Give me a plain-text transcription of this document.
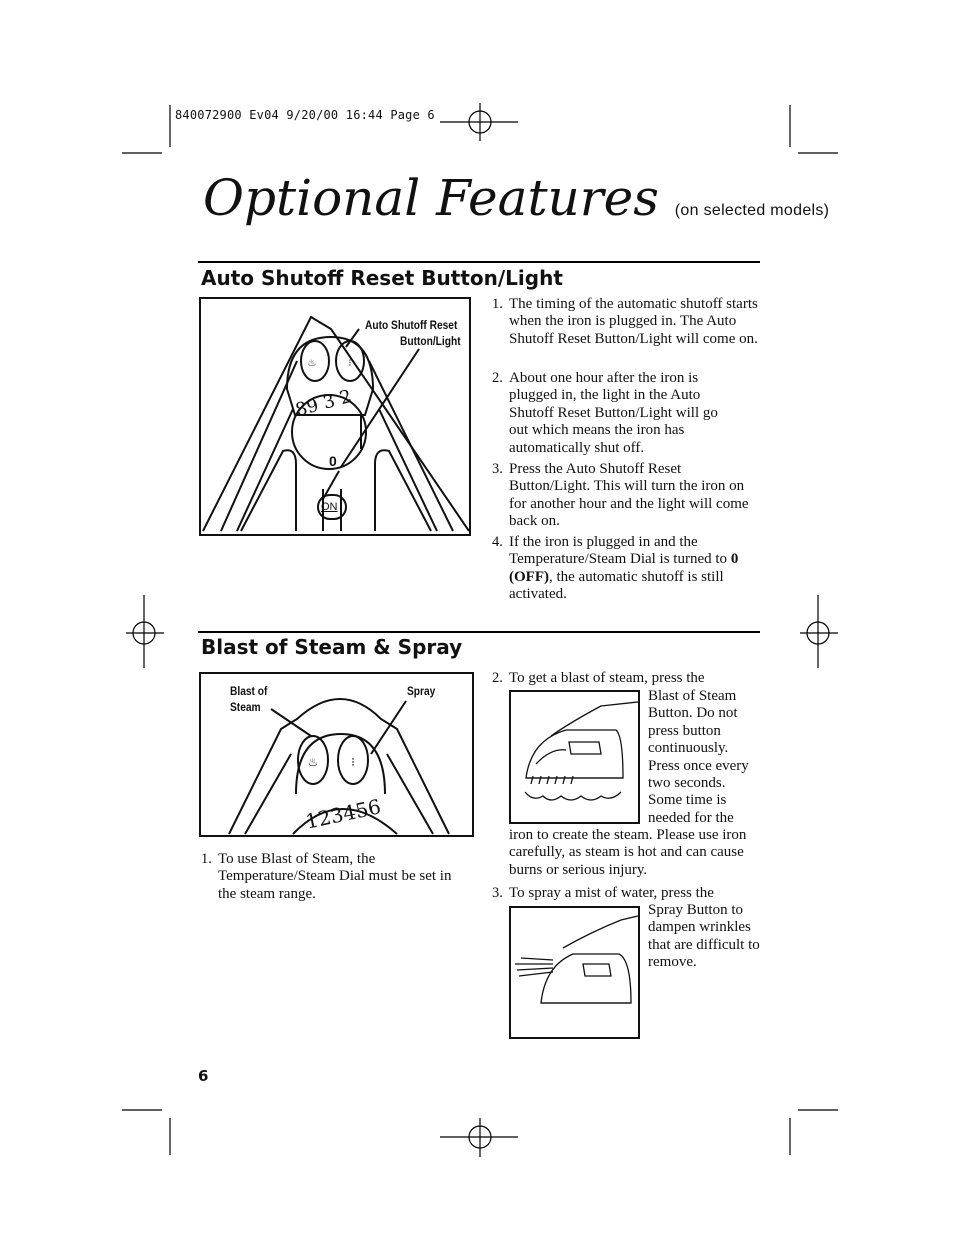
840072900 Ev04 9/20/00 16:44 Page 6
Optional Features (on selected models)
Auto Shutoff Reset Button/Light
♨	⁝
Auto Shutoff Reset
Button/Light
89 3 2
0
ON
1. The timing of the automatic shutoff starts when the iron is plugged in. The Auto Shutoff Reset Button/Light will come on.
2. About one hour after the iron is plugged in, the light in the Auto Shutoff Reset Button/Light will go out which means the iron has automatically shut off.
3. Press the Auto Shutoff Reset Button/Light. This will turn the iron on for another hour and the light will come back on.
4. If the iron is plugged in and the Temperature/Steam Dial is turned to 0 (OFF), the automatic shutoff is still activated.
Blast of Steam & Spray
♨	⁝
Blast of
Steam
Spray
123456
1. To use Blast of Steam, the Temperature/Steam Dial must be set in the steam range.
2. To get a blast of steam, press the
Blast of Steam Button. Do not press button continuously. Press once every two seconds. Some time is needed for the
iron to create the steam. Please use iron carefully, as steam is hot and can cause burns or serious injury.
3. To spray a mist of water, press the
Spray Button to dampen wrinkles that are difficult to remove.
6
